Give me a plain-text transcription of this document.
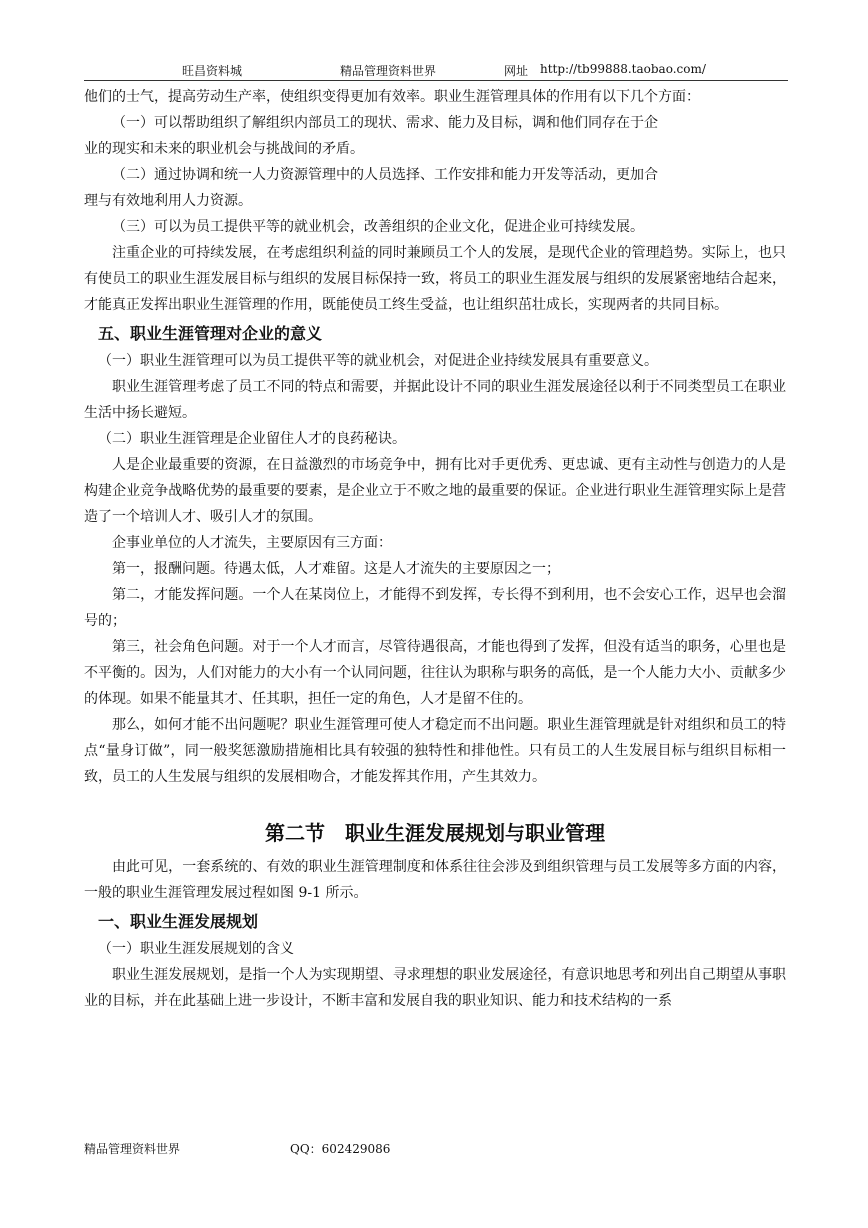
旺昌资料城	精品管理资料世界	网址 http://tb99888.taobao.com/

他们的士气，提高劳动生产率，使组织变得更加有效率。职业生涯管理具体的作用有以下几个方面：

（一）可以帮助组织了解组织内部员工的现状、需求、能力及目标，调和他们同存在于企

业的现实和未来的职业机会与挑战间的矛盾。

（二）通过协调和统一人力资源管理中的人员选择、工作安排和能力开发等活动，更加合

理与有效地利用人力资源。

（三）可以为员工提供平等的就业机会，改善组织的企业文化，促进企业可持续发展。

注重企业的可持续发展，在考虑组织利益的同时兼顾员工个人的发展，是现代企业的管理趋势。实际上，也只有使员工的职业生涯发展目标与组织的发展目标保持一致，将员工的职业生涯发展与组织的发展紧密地结合起来，才能真正发挥出职业生涯管理的作用，既能使员工终生受益，也让组织茁壮成长，实现两者的共同目标。

五、职业生涯管理对企业的意义

（一）职业生涯管理可以为员工提供平等的就业机会，对促进企业持续发展具有重要意义。

职业生涯管理考虑了员工不同的特点和需要，并据此设计不同的职业生涯发展途径以利于不同类型员工在职业生活中扬长避短。

（二）职业生涯管理是企业留住人才的良药秘诀。

人是企业最重要的资源，在日益激烈的市场竞争中，拥有比对手更优秀、更忠诚、更有主动性与创造力的人是构建企业竞争战略优势的最重要的要素，是企业立于不败之地的最重要的保证。企业进行职业生涯管理实际上是营造了一个培训人才、吸引人才的氛围。

企事业单位的人才流失，主要原因有三方面：

第一，报酬问题。待遇太低，人才难留。这是人才流失的主要原因之一；

第二，才能发挥问题。一个人在某岗位上，才能得不到发挥，专长得不到利用，也不会安心工作，迟早也会溜号的；

第三，社会角色问题。对于一个人才而言，尽管待遇很高，才能也得到了发挥，但没有适当的职务，心里也是不平衡的。因为，人们对能力的大小有一个认同问题，往往认为职称与职务的高低，是一个人能力大小、贡献多少的体现。如果不能量其才、任其职，担任一定的角色，人才是留不住的。

那么，如何才能不出问题呢？职业生涯管理可使人才稳定而不出问题。职业生涯管理就是针对组织和员工的特点“量身订做”，同一般奖惩激励措施相比具有较强的独特性和排他性。只有员工的人生发展目标与组织目标相一致，员工的人生发展与组织的发展相吻合，才能发挥其作用，产生其效力。

第二节　职业生涯发展规划与职业管理

由此可见，一套系统的、有效的职业生涯管理制度和体系往往会涉及到组织管理与员工发展等多方面的内容，一般的职业生涯管理发展过程如图 9-1 所示。

一、职业生涯发展规划

（一）职业生涯发展规划的含义

职业生涯发展规划，是指一个人为实现期望、寻求理想的职业发展途径，有意识地思考和列出自己期望从事职业的目标，并在此基础上进一步设计，不断丰富和发展自我的职业知识、能力和技术结构的一系

精品管理资料世界	QQ：602429086
